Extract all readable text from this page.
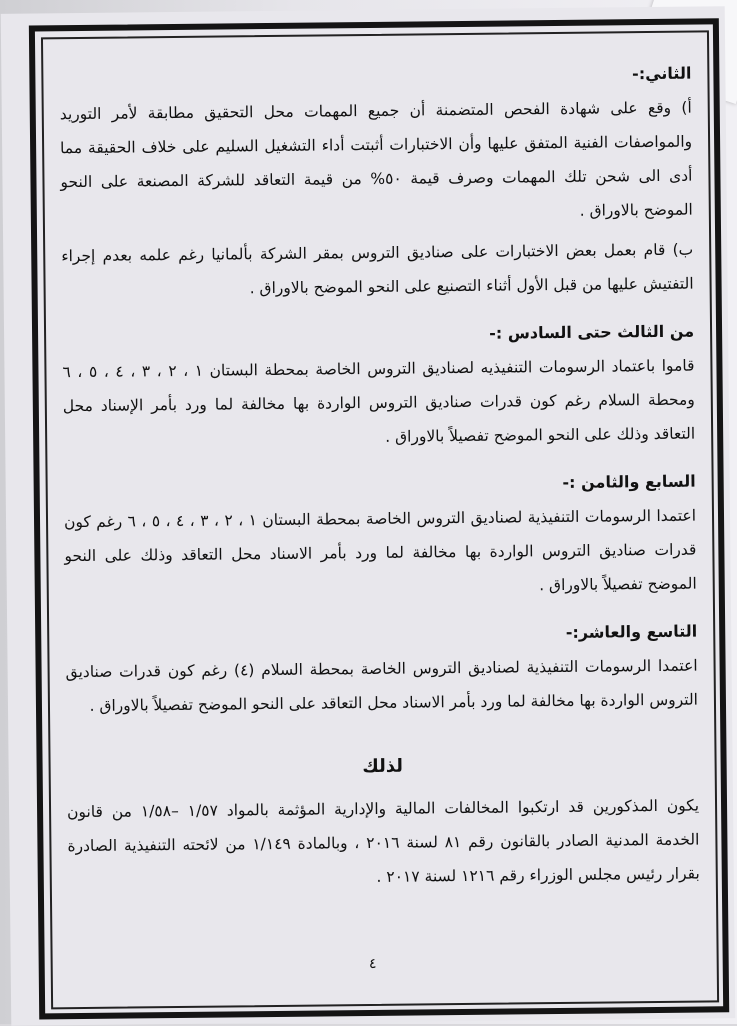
الثاني:-

أ) وقع على شهادة الفحص المتضمنة أن جميع المهمات محل التحقيق مطابقة لأمر التوريد والمواصفات الفنية المتفق عليها وأن الاختبارات أثبتت أداء التشغيل السليم على خلاف الحقيقة مما أدى الى شحن تلك المهمات وصرف قيمة ٥٠% من قيمة التعاقد للشركة المصنعة على النحو الموضح بالاوراق .

ب) قام بعمل بعض الاختبارات على صناديق التروس بمقر الشركة بألمانيا رغم علمه بعدم إجراء التفتيش عليها من قبل الأول أثناء التصنيع على النحو الموضح بالاوراق .

من الثالث حتى السادس :-

قاموا باعتماد الرسومات التنفيذيه لصناديق التروس الخاصة بمحطة البستان ١ ، ٢ ، ٣ ، ٤ ، ٥ ، ٦ ومحطة السلام رغم كون قدرات صناديق التروس الواردة بها مخالفة لما ورد بأمر الإسناد محل التعاقد وذلك على النحو الموضح تفصيلاً بالاوراق .

السابع والثامن :-

اعتمدا الرسومات التنفيذية لصناديق التروس الخاصة بمحطة البستان ١ ، ٢ ، ٣ ، ٤ ، ٥ ، ٦ رغم كون قدرات صناديق التروس الواردة بها مخالفة لما ورد بأمر الاسناد محل التعاقد وذلك على النحو الموضح تفصيلاً بالاوراق .

التاسع والعاشر:-

اعتمدا الرسومات التنفيذية لصناديق التروس الخاصة بمحطة السلام (٤) رغم كون قدرات صناديق التروس الواردة بها مخالفة لما ورد بأمر الاسناد محل التعاقد على النحو الموضح تفصيلاً بالاوراق .

لذلك

يكون المذكورين قد ارتكبوا المخالفات المالية والإدارية المؤثمة بالمواد ١/٥٧ –١/٥٨ من قانون الخدمة المدنية الصادر بالقانون رقم ٨١ لسنة ٢٠١٦ ، وبالمادة ١/١٤٩ من لائحته التنفيذية الصادرة بقرار رئيس مجلس الوزراء رقم ١٢١٦ لسنة ٢٠١٧ .

٤
